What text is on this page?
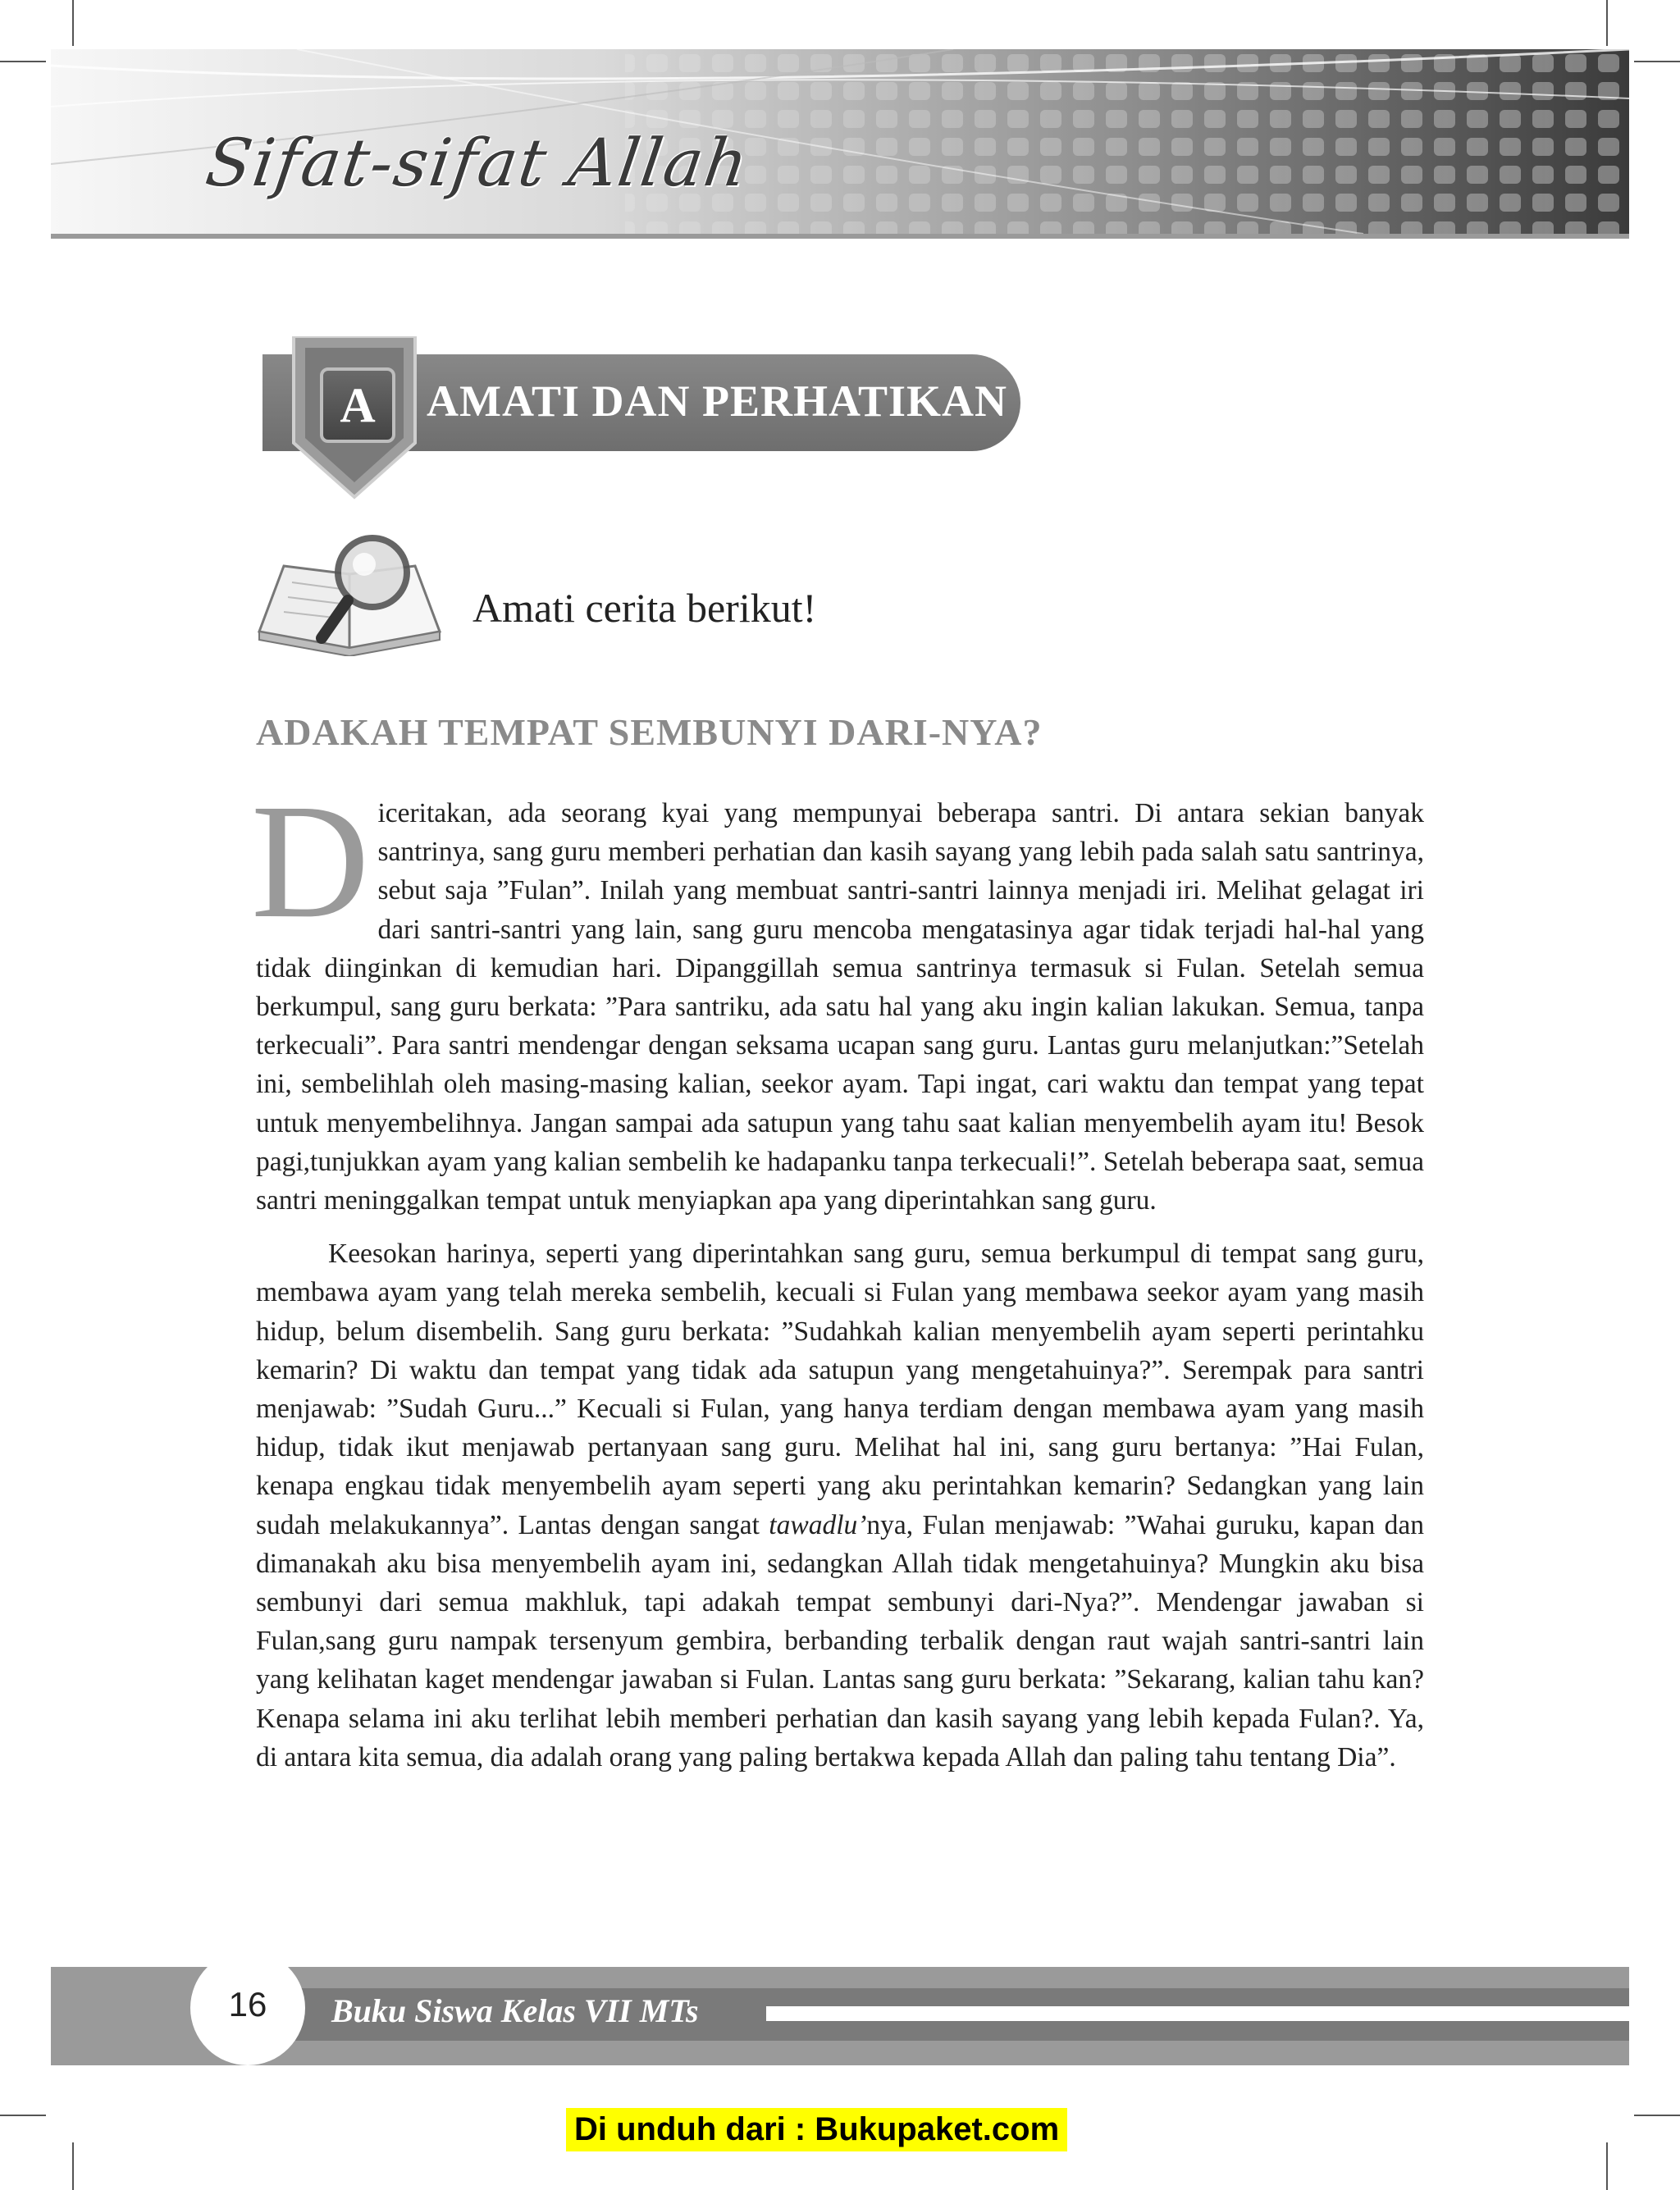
Sifat-sifat Allah
A	AMATI DAN PERHATIKAN
Amati cerita berikut!
ADAKAH TEMPAT SEMBUNYI DARI-NYA?

Diceritakan, ada seorang kyai yang mempunyai beberapa santri. Di antara sekian banyak santrinya, sang guru memberi perhatian dan kasih sayang yang lebih pada salah satu santrinya, sebut saja ”Fulan”. Inilah yang membuat santri-santri lainnya menjadi iri. Melihat gelagat iri dari santri-santri yang lain, sang guru mencoba mengatasinya agar tidak terjadi hal-hal yang tidak diinginkan di kemudian hari. Dipanggillah semua santrinya termasuk si Fulan. Setelah semua berkumpul, sang guru berkata: ”Para santriku, ada satu hal yang aku ingin kalian lakukan. Semua, tanpa terkecuali”. Para santri mendengar dengan seksama ucapan sang guru. Lantas guru melanjutkan:”Setelah ini, sembelihlah oleh masing-masing kalian, seekor ayam. Tapi ingat, cari waktu dan tempat yang tepat untuk menyembelihnya. Jangan sampai ada satupun yang tahu saat kalian menyembelih ayam itu! Besok pagi,tunjukkan ayam yang kalian sembelih ke hadapanku tanpa terkecuali!”. Setelah beberapa saat, semua santri meninggalkan tempat untuk menyiapkan apa yang diperintahkan sang guru.

Keesokan harinya, seperti yang diperintahkan sang guru, semua berkumpul di tempat sang guru, membawa ayam yang telah mereka sembelih, kecuali si Fulan yang membawa seekor ayam yang masih hidup, belum disembelih. Sang guru berkata: ”Sudahkah kalian menyembelih ayam seperti perintahku kemarin? Di waktu dan tempat yang tidak ada satupun yang mengetahuinya?”. Serempak para santri menjawab: ”Sudah Guru...” Kecuali si Fulan, yang hanya terdiam dengan membawa ayam yang masih hidup, tidak ikut menjawab pertanyaan sang guru. Melihat hal ini, sang guru bertanya: ”Hai Fulan, kenapa engkau tidak menyembelih ayam seperti yang aku perintahkan kemarin? Sedangkan yang lain sudah melakukannya”. Lantas dengan sangat tawadlu’nya, Fulan menjawab: ”Wahai guruku, kapan dan dimanakah aku bisa menyembelih ayam ini, sedangkan Allah tidak mengetahuinya? Mungkin aku bisa sembunyi dari semua makhluk, tapi adakah tempat sembunyi dari-Nya?”. Mendengar jawaban si Fulan,sang guru nampak tersenyum gembira, berbanding terbalik dengan raut wajah santri-santri lain yang kelihatan kaget mendengar jawaban si Fulan. Lantas sang guru berkata: ”Sekarang, kalian tahu kan? Kenapa selama ini aku terlihat lebih memberi perhatian dan kasih sayang yang lebih kepada Fulan?. Ya, di antara kita semua, dia adalah orang yang paling bertakwa kepada Allah dan paling tahu tentang Dia”.

16	Buku Siswa Kelas VII MTs
Di unduh dari : Bukupaket.com
